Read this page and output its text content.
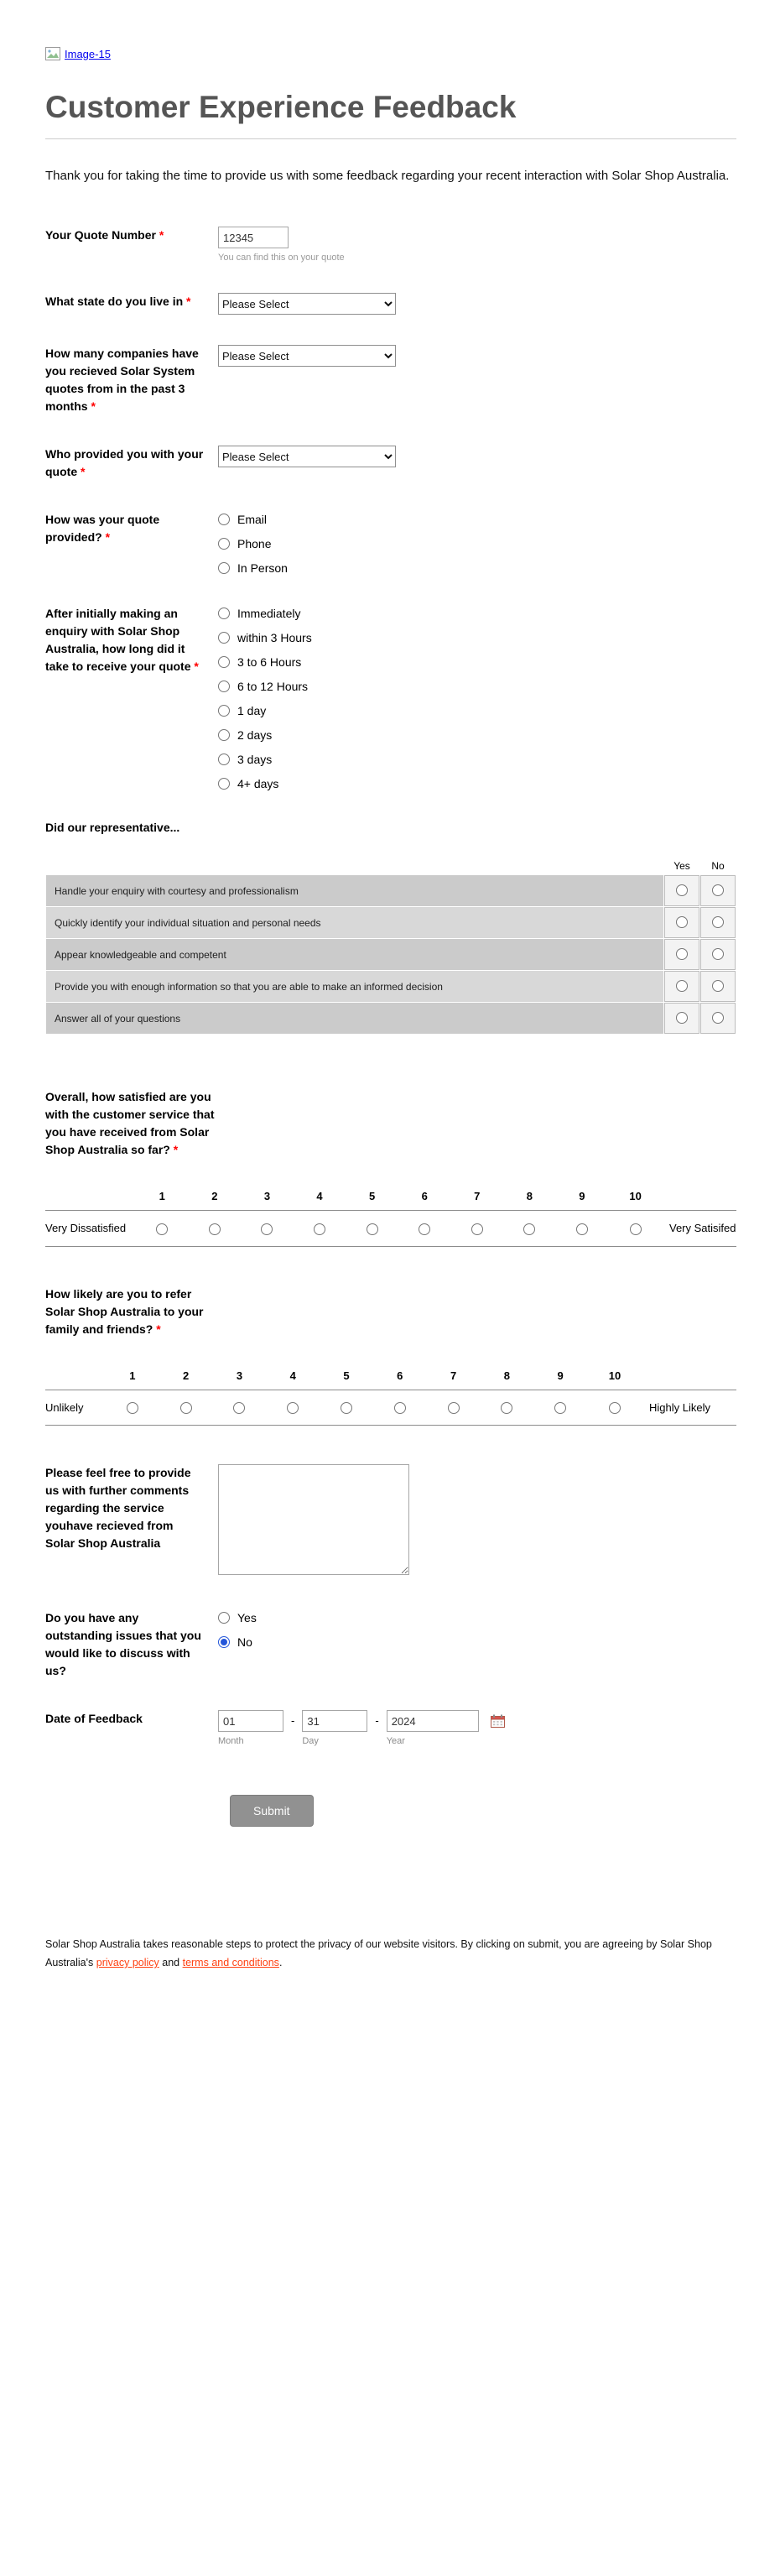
Image-15
Customer Experience Feedback

Thank you for taking the time to provide us with some feedback regarding your recent interaction with Solar Shop Australia.

Your Quote Number *
12345
You can find this on your quote
What state do you live in *
Please Select
How many companies have you recieved Solar System quotes from in the past 3 months *
Please Select
Who provided you with your quote *
Please Select
How was your quote provided? *
Email
Phone
In Person
After initially making an enquiry with Solar Shop Australia, how long did it take to receive your quote *
Immediately
within 3 Hours
3 to 6 Hours
6 to 12 Hours
1 day
2 days
3 days
4+ days
Did our representative...
	Yes	No
Handle your enquiry with courtesy and professionalism		
Quickly identify your individual situation and personal needs		
Appear knowledgeable and competent		
Provide you with enough information so that you are able to make an informed decision		
Answer all of your questions		
Overall, how satisfied are you with the customer service that you have received from Solar Shop Australia so far? *
	1	2	3	4	5	6	7	8	9	10	
Very Dissatisfied											Very Satisifed
How likely are you to refer Solar Shop Australia to your family and friends? *
	1	2	3	4	5	6	7	8	9	10	
Unlikely											Highly Likely
Please feel free to provide us with further comments regarding the service youhave recieved from Solar Shop Australia
Do you have any outstanding issues that you would like to discuss with us?
Yes
No
Date of Feedback
01
Month
-
31
Day
-
2024
Year
Submit

Solar Shop Australia takes reasonable steps to protect the privacy of our website visitors. By clicking on submit, you are agreeing by Solar Shop Australia's privacy policy and terms and conditions.
